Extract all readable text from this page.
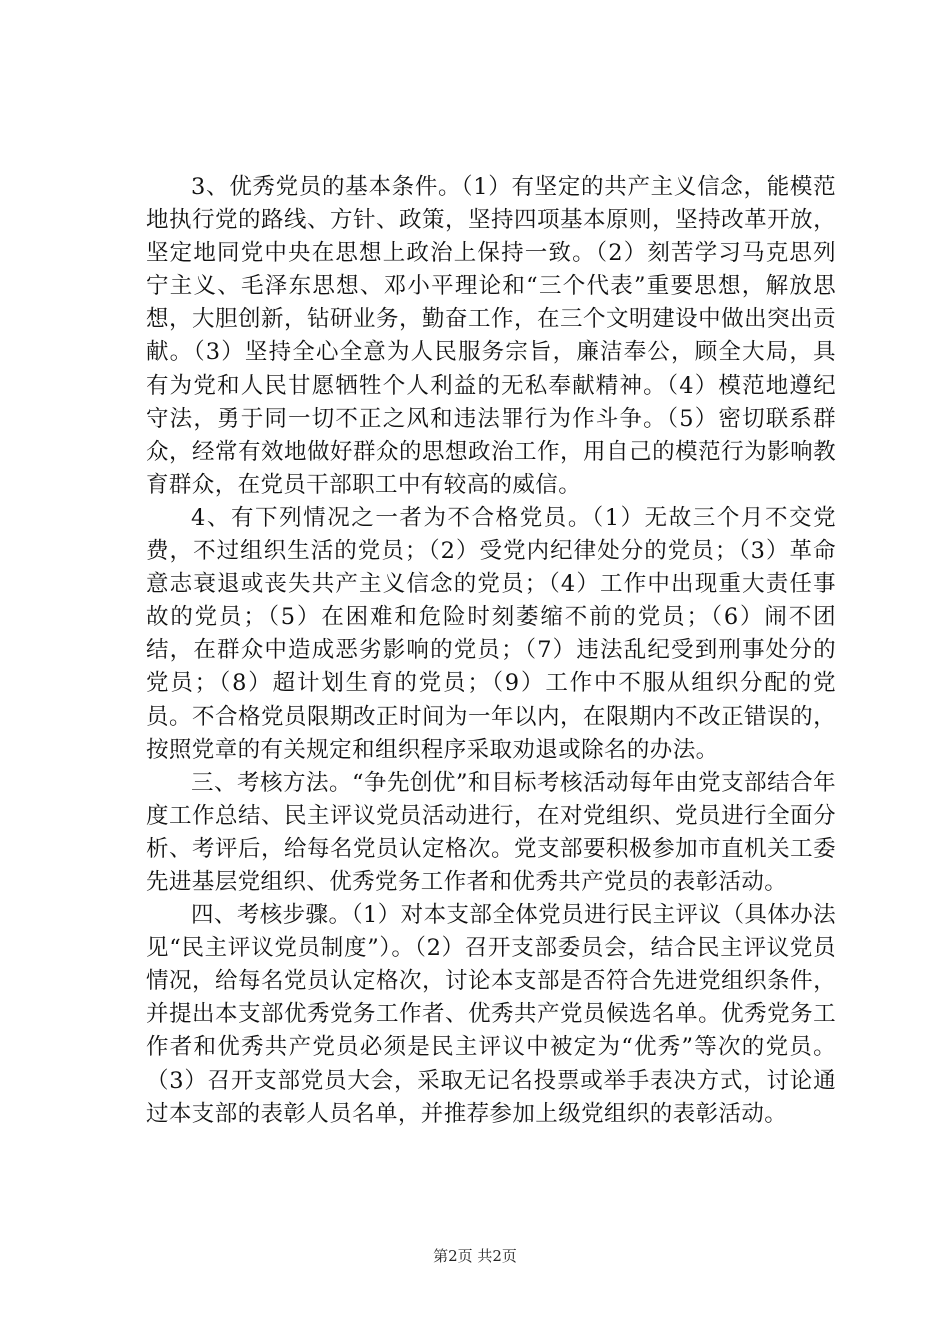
3、优秀党员的基本条件。（1）有坚定的共产主义信念，能模范地执行党的路线、方针、政策，坚持四项基本原则，坚持改革开放，坚定地同党中央在思想上政治上保持一致。（2）刻苦学习马克思列宁主义、毛泽东思想、邓小平理论和“三个代表”重要思想，解放思想，大胆创新，钻研业务，勤奋工作，在三个文明建设中做出突出贡献。（3）坚持全心全意为人民服务宗旨，廉洁奉公，顾全大局，具有为党和人民甘愿牺牲个人利益的无私奉献精神。（4）模范地遵纪守法，勇于同一切不正之风和违法罪行为作斗争。（5）密切联系群众，经常有效地做好群众的思想政治工作，用自己的模范行为影响教育群众，在党员干部职工中有较高的威信。

4、有下列情况之一者为不合格党员。（1）无故三个月不交党费，不过组织生活的党员；（2）受党内纪律处分的党员；（3）革命意志衰退或丧失共产主义信念的党员；（4）工作中出现重大责任事故的党员；（5）在困难和危险时刻萎缩不前的党员；（6）闹不团结，在群众中造成恶劣影响的党员；（7）违法乱纪受到刑事处分的党员；（8）超计划生育的党员；（9）工作中不服从组织分配的党员。不合格党员限期改正时间为一年以内，在限期内不改正错误的，按照党章的有关规定和组织程序采取劝退或除名的办法。

三、考核方法。“争先创优”和目标考核活动每年由党支部结合年度工作总结、民主评议党员活动进行，在对党组织、党员进行全面分析、考评后，给每名党员认定格次。党支部要积极参加市直机关工委先进基层党组织、优秀党务工作者和优秀共产党员的表彰活动。

四、考核步骤。（1）对本支部全体党员进行民主评议（具体办法见“民主评议党员制度”）。（2）召开支部委员会，结合民主评议党员情况，给每名党员认定格次，讨论本支部是否符合先进党组织条件，并提出本支部优秀党务工作者、优秀共产党员候选名单。优秀党务工作者和优秀共产党员必须是民主评议中被定为“优秀”等次的党员。（3）召开支部党员大会，采取无记名投票或举手表决方式，讨论通过本支部的表彰人员名单，并推荐参加上级党组织的表彰活动。

第2页 共2页
